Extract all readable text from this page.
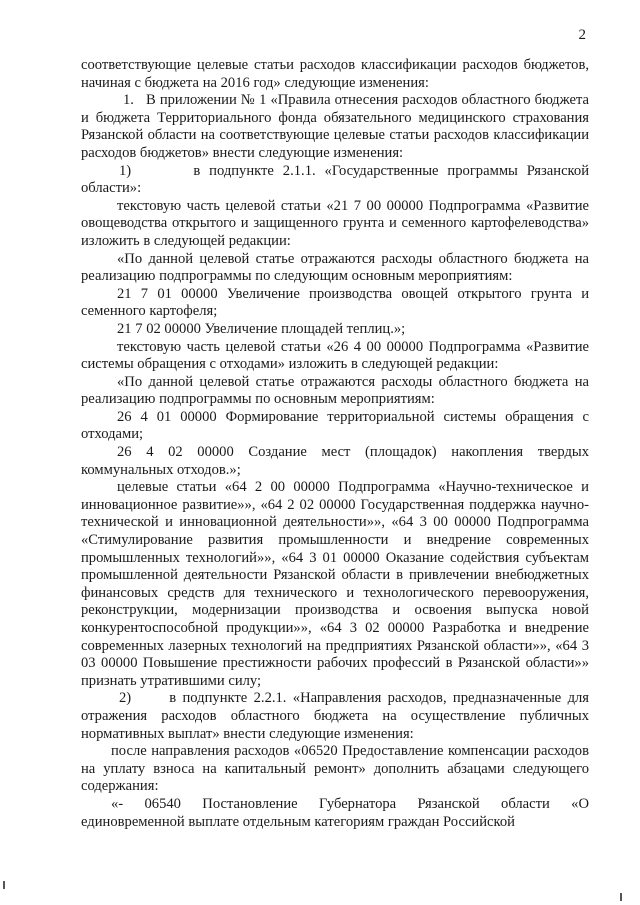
2

соответствующие целевые статьи расходов классификации расходов бюджетов, начиная с бюджета на 2016 год» следующие изменения:

1.   В приложении № 1 «Правила отнесения расходов областного бюджета и бюджета Территориального фонда обязательного медицинского страхования Рязанской области на соответствующие целевые статьи расходов классификации расходов бюджетов» внести следующие изменения:

1)       в подпункте 2.1.1. «Государственные программы Рязанской области»:

текстовую часть целевой статьи «21 7 00 00000 Подпрограмма «Развитие овощеводства открытого и защищенного грунта и семенного картофелеводства» изложить в следующей редакции:

«По данной целевой статье отражаются расходы областного бюджета на реализацию подпрограммы по следующим основным мероприятиям:

21 7 01 00000 Увеличение производства овощей открытого грунта и семенного картофеля;

21 7 02 00000 Увеличение площадей теплиц.»;

текстовую часть целевой статьи «26 4 00 00000 Подпрограмма «Развитие системы обращения с отходами» изложить в следующей редакции:

«По данной целевой статье отражаются расходы областного бюджета на реализацию подпрограммы по основным мероприятиям:

26 4 01 00000 Формирование территориальной системы обращения с отходами;

26 4 02 00000 Создание мест (площадок) накопления твердых коммунальных отходов.»;

целевые статьи «64 2 00 00000 Подпрограмма «Научно-техническое и инновационное развитие»», «64 2 02 00000 Государственная поддержка научно-технической и инновационной деятельности»», «64 3 00 00000 Подпрограмма «Стимулирование развития промышленности и внедрение современных промышленных технологий»», «64 3 01 00000 Оказание содействия субъектам промышленной деятельности Рязанской области в привлечении внебюджетных финансовых средств для технического и технологического перевооружения, реконструкции, модернизации производства и освоения выпуска новой конкурентоспособной продукции»», «64 3 02 00000 Разработка и внедрение современных лазерных технологий на предприятиях Рязанской области»», «64 3 03 00000 Повышение престижности рабочих профессий в Рязанской области»» признать утратившими силу;

2)      в подпункте 2.2.1. «Направления расходов, предназначенные для отражения расходов областного бюджета на осуществление публичных нормативных выплат» внести следующие изменения:

после направления расходов «06520 Предоставление компенсации расходов на уплату взноса на капитальный ремонт» дополнить абзацами следующего содержания:

«- 06540 Постановление Губернатора Рязанской области «О единовременной выплате отдельным категориям граждан Российской
